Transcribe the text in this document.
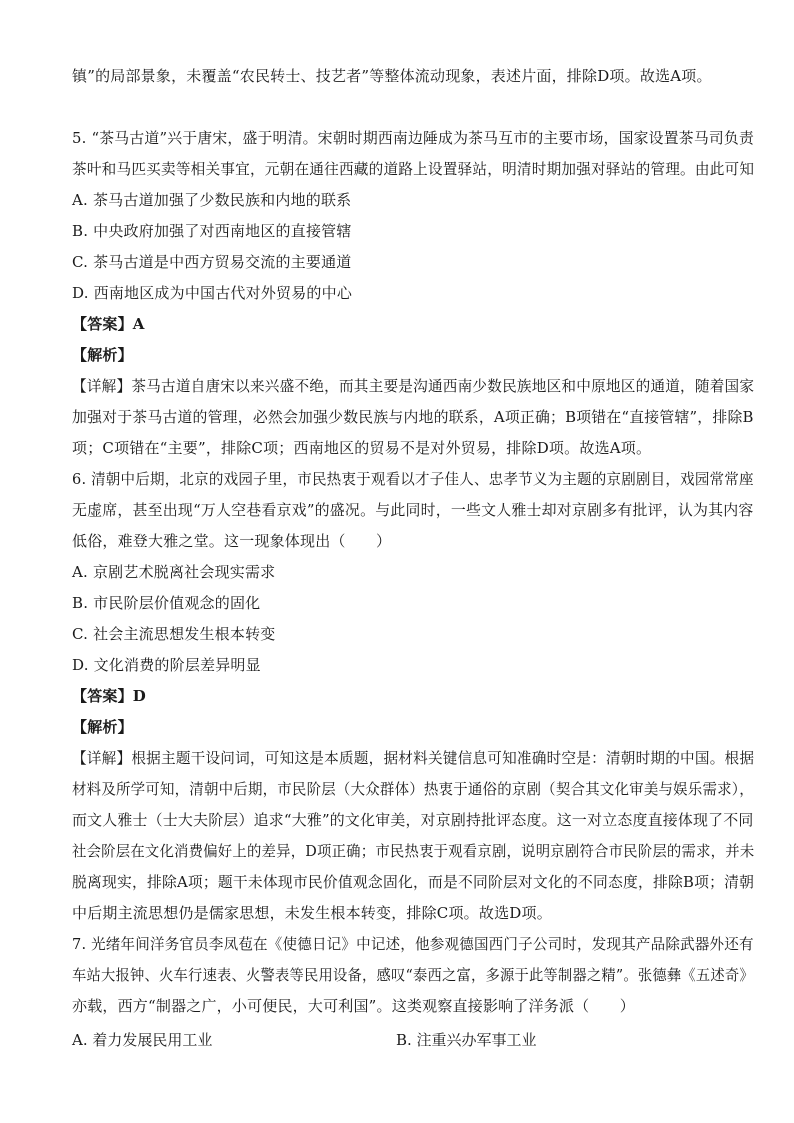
镇”的局部景象，未覆盖“农民转士、技艺者”等整体流动现象，表述片面，排除D项。故选A项。
5. “茶马古道”兴于唐宋，盛于明清。宋朝时期西南边陲成为茶马互市的主要市场，国家设置茶马司负责
茶叶和马匹买卖等相关事宜，元朝在通往西藏的道路上设置驿站，明清时期加强对驿站的管理。由此可知
A. 茶马古道加强了少数民族和内地的联系
B. 中央政府加强了对西南地区的直接管辖
C. 茶马古道是中西方贸易交流的主要通道
D. 西南地区成为中国古代对外贸易的中心
【答案】A
【解析】
【详解】茶马古道自唐宋以来兴盛不绝，而其主要是沟通西南少数民族地区和中原地区的通道，随着国家
加强对于茶马古道的管理，必然会加强少数民族与内地的联系，A项正确；B项错在“直接管辖”，排除B
项；C项错在“主要”，排除C项；西南地区的贸易不是对外贸易，排除D项。故选A项。
6. 清朝中后期，北京的戏园子里，市民热衷于观看以才子佳人、忠孝节义为主题的京剧剧目，戏园常常座
无虚席，甚至出现“万人空巷看京戏”的盛况。与此同时，一些文人雅士却对京剧多有批评，认为其内容
低俗，难登大雅之堂。这一现象体现出（　　）
A. 京剧艺术脱离社会现实需求
B. 市民阶层价值观念的固化
C. 社会主流思想发生根本转变
D. 文化消费的阶层差异明显
【答案】D
【解析】
【详解】根据主题干设问词，可知这是本质题，据材料关键信息可知准确时空是：清朝时期的中国。根据
材料及所学可知，清朝中后期，市民阶层（大众群体）热衷于通俗的京剧（契合其文化审美与娱乐需求），
而文人雅士（士大夫阶层）追求“大雅”的文化审美，对京剧持批评态度。这一对立态度直接体现了不同
社会阶层在文化消费偏好上的差异，D项正确；市民热衷于观看京剧，说明京剧符合市民阶层的需求，并未
脱离现实，排除A项；题干未体现市民价值观念固化，而是不同阶层对文化的不同态度，排除B项；清朝
中后期主流思想仍是儒家思想，未发生根本转变，排除C项。故选D项。
7. 光绪年间洋务官员李凤苞在《使德日记》中记述，他参观德国西门子公司时，发现其产品除武器外还有
车站大报钟、火车行速表、火警表等民用设备，感叹“泰西之富，多源于此等制器之精”。张德彝《五述奇》
亦载，西方“制器之广，小可便民，大可利国”。这类观察直接影响了洋务派（　　）
A. 着力发展民用工业	B. 注重兴办军事工业
